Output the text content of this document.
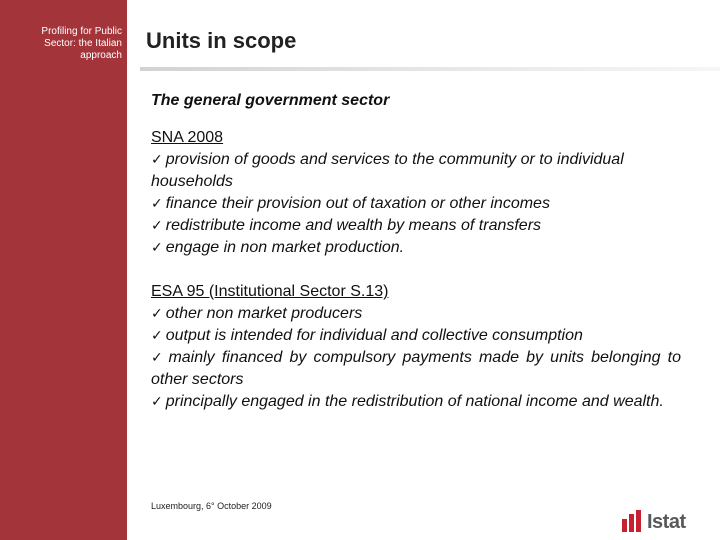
Profiling for Public
Sector: the Italian
approach
Units in scope

The general government sector

SNA 2008

✓ provision of goods and services to the community or to individual households
✓ finance their provision out of taxation or other incomes
✓ redistribute income and wealth by means of transfers
✓ engage in non market production.

ESA 95 (Institutional Sector S.13)

✓ other non market producers
✓ output is intended for individual and collective consumption
✓ mainly financed by compulsory payments made by units belonging to other sectors
✓ principally engaged in the redistribution of national income and wealth.
Luxembourg, 6° October 2009
Istat
